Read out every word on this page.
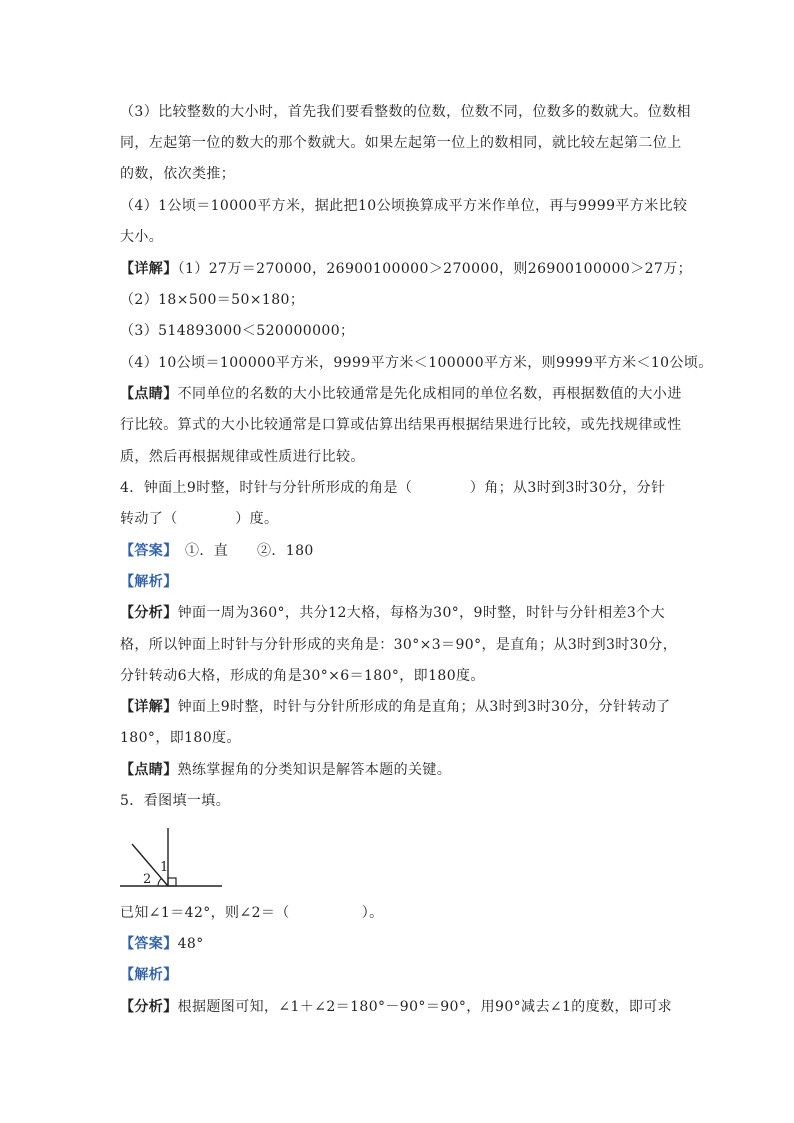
（3）比较整数的大小时，首先我们要看整数的位数，位数不同，位数多的数就大。位数相
同，左起第一位的数大的那个数就大。如果左起第一位上的数相同，就比较左起第二位上
的数，依次类推；
（4）1公顷＝10000平方米，据此把10公顷换算成平方米作单位，再与9999平方米比较
大小。
【详解】（1）27万＝270000，26900100000＞270000，则26900100000＞27万；
（2）18×500＝50×180；
（3）514893000＜520000000；
（4）10公顷＝100000平方米，9999平方米＜100000平方米，则9999平方米＜10公顷。
【点睛】不同单位的名数的大小比较通常是先化成相同的单位名数，再根据数值的大小进
行比较。算式的大小比较通常是口算或估算出结果再根据结果进行比较，或先找规律或性
质，然后再根据规律或性质进行比较。
4．钟面上9时整，时针与分针所形成的角是（　　　　）角；从3时到3时30分，分针
转动了（　　　　）度。
【答案】　①．直　　②．180
【解析】
【分析】钟面一周为360°，共分12大格，每格为30°，9时整，时针与分针相差3个大
格，所以钟面上时针与分针形成的夹角是：30°×3＝90°，是直角；从3时到3时30分，
分针转动6大格，形成的角是30°×6＝180°，即180度。
【详解】钟面上9时整，时针与分针所形成的角是直角；从3时到3时30分，分针转动了
180°，即180度。
【点睛】熟练掌握角的分类知识是解答本题的关键。
5．看图填一填。
1
2
已知∠1＝42°，则∠2＝（　　　　　）。
【答案】48°
【解析】
【分析】根据题图可知，∠1＋∠2＝180°－90°＝90°，用90°减去∠1的度数，即可求
